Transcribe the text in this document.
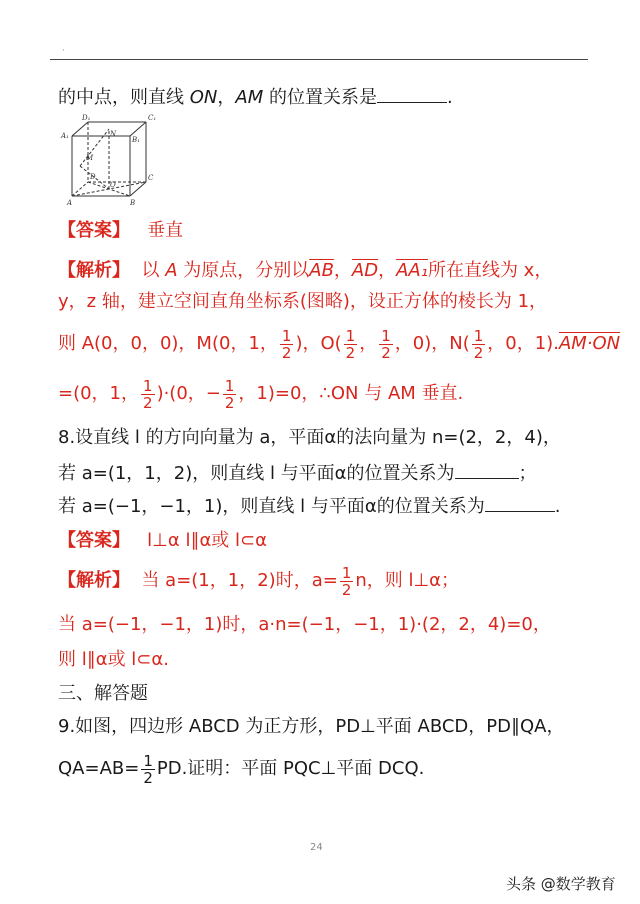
·
的中点，则直线 ON，AM 的位置关系是	.
D₁	C₁
A₁	B₁
N
M
O
D	C
A	B
【答案】 垂直
【解析】 以 A 为原点，分别以$\overline{AB}$，$\overline{AD}$，AA₁所在直线为 x，
y，z 轴，建立空间直角坐标系(图略)，设正方体的棱长为 1，
则 A(0，0，0)，M(0，1， $\frac{1}{2}$ )，$O( \frac{1}{2}$ ， $\frac{1}{2}$ ，0)，$N( \frac{1}{2}$ ，0，1).AM·ON
=(0，1， $\frac{1}{2} )\cdot(0$，− $\frac{1}{2}$ ，1)=0，∴ON 与 AM 垂直.
8.设直线 l 的方向向量为 a，平面α的法向量为 n=(2，2，4)，
若 a=(1，1，2)，则直线 l 与平面α的位置关系为	；
若 a=(−1，−1，1)，则直线 l 与平面α的位置关系为	.
【答案】 l⊥α l∥α或 l⊂α
【解析】 当 a=(1，1，2)时，$a= \frac{1}{2}$ n，则 l⊥α；
当 a=(−1，−1，1)时，a·n=(−1，−1，1)·(2，2，4)=0，
则 l∥α或 l⊂α.
三、解答题
9.如图，四边形 ABCD 为正方形，PD⊥平面 ABCD，PD∥QA，
$QA=AB= \frac{1}{2}$ PD.证明：平面 PQC⊥平面 DCQ.
24
头条 @数学教育
